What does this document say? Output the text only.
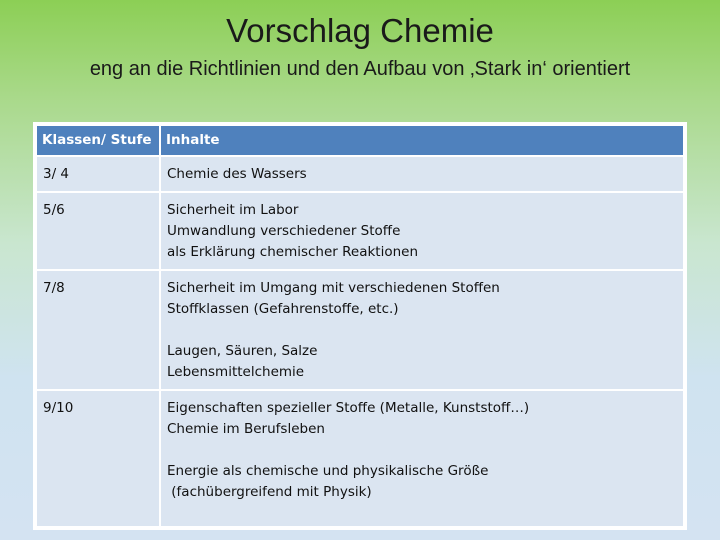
Vorschlag Chemie
eng an die Richtlinien und den Aufbau von ‚Stark in‘ orientiert
Klassen/ Stufe	Inhalte
3/ 4	Chemie des Wassers

5/6	Sicherheit im Labor
Umwandlung verschiedener Stoffe
als Erklärung chemischer Reaktionen

7/8	Sicherheit im Umgang mit verschiedenen Stoffen
Stoffklassen (Gefahrenstoffe, etc.)
Laugen, Säuren, Salze
Lebensmittelchemie

9/10	Eigenschaften spezieller Stoffe (Metalle, Kunststoff…)
Chemie im Berufsleben
Energie als chemische und physikalische Größe
(fachübergreifend mit Physik)
